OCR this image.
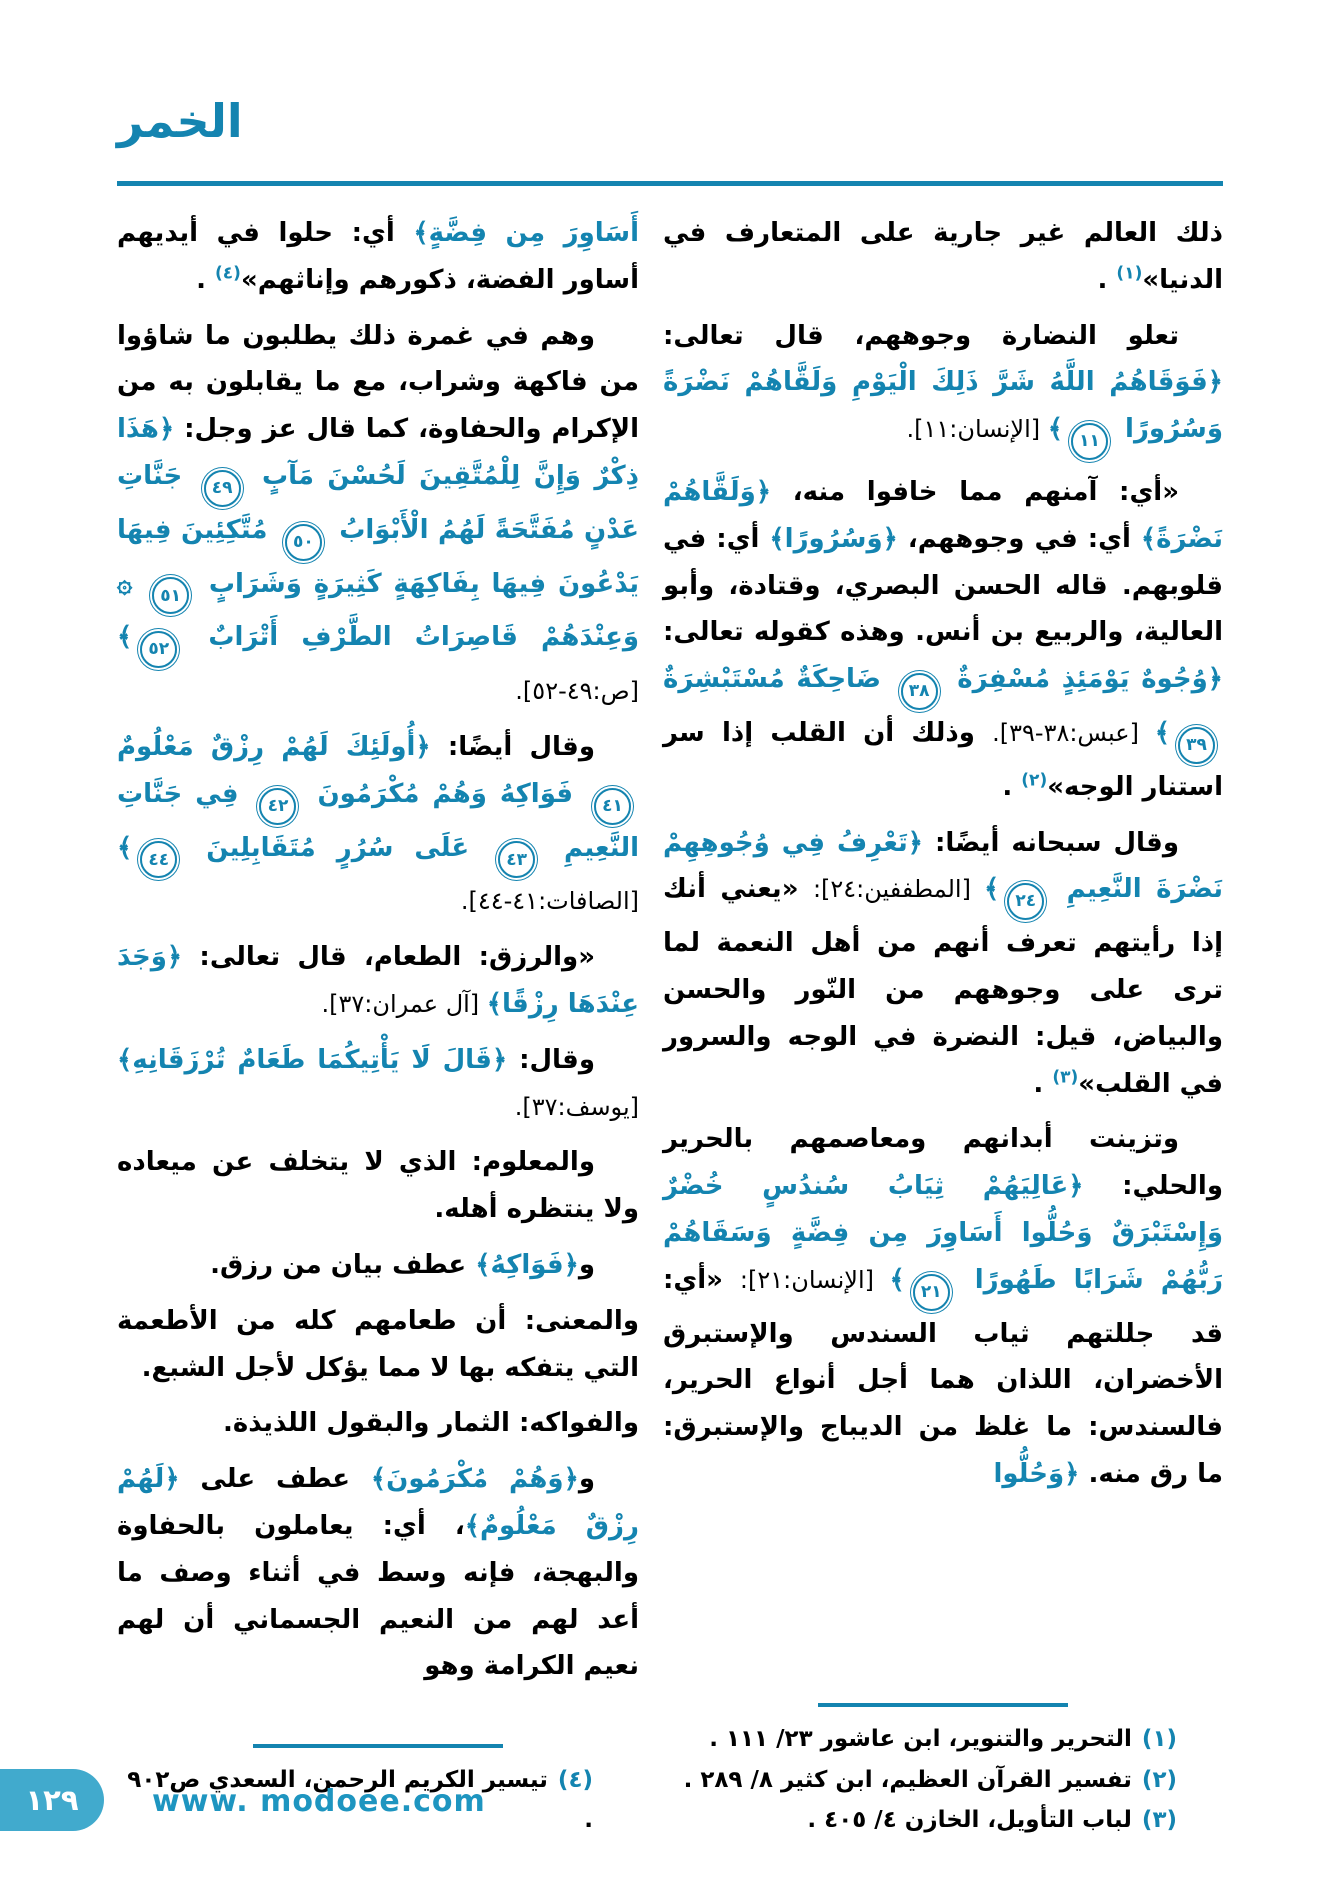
الخمر

ذلك العالم غير جارية على المتعارف في الدنيا»$^{(١)}$ .

تعلو النضارة وجوههم، قال تعالى: ﴿فَوَقَاهُمُ اللَّهُ شَرَّ ذَلِكَ الْيَوْمِ وَلَقَّاهُمْ نَضْرَةً وَسُرُورًا ١١﴾ [الإنسان:١١].

«أي: آمنهم مما خافوا منه، ﴿وَلَقَّاهُمْ نَضْرَةً﴾ أي: في وجوههم، ﴿وَسُرُورًا﴾ أي: في قلوبهم. قاله الحسن البصري، وقتادة، وأبو العالية، والربيع بن أنس. وهذه كقوله تعالى: ﴿وُجُوهٌ يَوْمَئِذٍ مُسْفِرَةٌ ٣٨ ضَاحِكَةٌ مُسْتَبْشِرَةٌ ٣٩﴾ [عبس:٣٨-٣٩]. وذلك أن القلب إذا سر استنار الوجه»$^{(٢)}$ .

وقال سبحانه أيضًا: ﴿تَعْرِفُ فِي وُجُوهِهِمْ نَضْرَةَ النَّعِيمِ ٢٤﴾ [المطففين:٢٤]: «يعني أنك إذا رأيتهم تعرف أنهم من أهل النعمة لما ترى على وجوههم من النّور والحسن والبياض، قيل: النضرة في الوجه والسرور في القلب»$^{(٣)}$ .

وتزينت أبدانهم ومعاصمهم بالحرير والحلي: ﴿عَالِيَهُمْ ثِيَابُ سُندُسٍ خُضْرٌ وَإِسْتَبْرَقٌ وَحُلُّوا أَسَاوِرَ مِن فِضَّةٍ وَسَقَاهُمْ رَبُّهُمْ شَرَابًا طَهُورًا ٢١﴾ [الإنسان:٢١]: «أي: قد جللتهم ثياب السندس والإستبرق الأخضران، اللذان هما أجل أنواع الحرير، فالسندس: ما غلظ من الديباج والإستبرق: ما رق منه. ﴿وَحُلُّوا

(١)التحرير والتنوير، ابن عاشور ٢٣/ ١١١ .
(٢)تفسير القرآن العظيم، ابن كثير ٨/ ٢٨٩ .
(٣)لباب التأويل، الخازن ٤/ ٤٠٥ .

أَسَاوِرَ مِن فِضَّةٍ﴾ أي: حلوا في أيديهم أساور الفضة، ذكورهم وإناثهم»$^{(٤)}$ .

وهم في غمرة ذلك يطلبون ما شاؤوا من فاكهة وشراب، مع ما يقابلون به من الإكرام والحفاوة، كما قال عز وجل: ﴿هَذَا ذِكْرٌ وَإِنَّ لِلْمُتَّقِينَ لَحُسْنَ مَآبٍ ٤٩ جَنَّاتِ عَدْنٍ مُفَتَّحَةً لَهُمُ الْأَبْوَابُ ٥٠ مُتَّكِئِينَ فِيهَا يَدْعُونَ فِيهَا بِفَاكِهَةٍ كَثِيرَةٍ وَشَرَابٍ ٥١ ۞ وَعِنْدَهُمْ قَاصِرَاتُ الطَّرْفِ أَتْرَابٌ ٥٢﴾ [ص:٤٩-٥٢].

وقال أيضًا: ﴿أُولَئِكَ لَهُمْ رِزْقٌ مَعْلُومٌ ٤١ فَوَاكِهُ وَهُمْ مُكْرَمُونَ ٤٢ فِي جَنَّاتِ النَّعِيمِ ٤٣ عَلَى سُرُرٍ مُتَقَابِلِينَ ٤٤﴾ [الصافات:٤١-٤٤].

«والرزق: الطعام، قال تعالى: ﴿وَجَدَ عِنْدَهَا رِزْقًا﴾ [آل عمران:٣٧].

وقال: ﴿قَالَ لَا يَأْتِيكُمَا طَعَامٌ تُرْزَقَانِهِ﴾ [يوسف:٣٧].

والمعلوم: الذي لا يتخلف عن ميعاده ولا ينتظره أهله.

و﴿فَوَاكِهُ﴾ عطف بيان من رزق.

والمعنى: أن طعامهم كله من الأطعمة التي يتفكه بها لا مما يؤكل لأجل الشبع.

والفواكه: الثمار والبقول اللذيذة.

و﴿وَهُمْ مُكْرَمُونَ﴾ عطف على ﴿لَهُمْ رِزْقٌ مَعْلُومٌ﴾، أي: يعاملون بالحفاوة والبهجة، فإنه وسط في أثناء وصف ما أعد لهم من النعيم الجسماني أن لهم نعيم الكرامة وهو

(٤)تيسير الكريم الرحمن، السعدي ص٩٠٢ .
١٢٩ www. modoee.com
